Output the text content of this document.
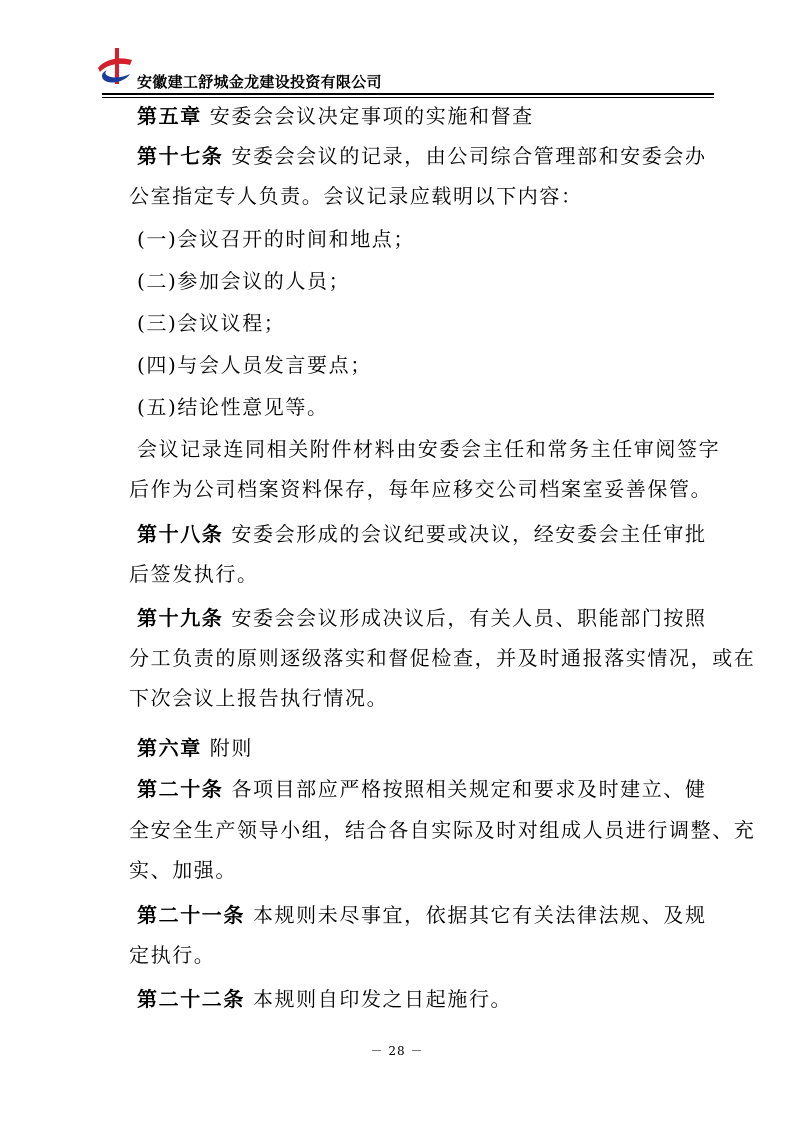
安徽建工舒城金龙建设投资有限公司
第五章 安委会会议决定事项的实施和督查
第十七条 安委会会议的记录，由公司综合管理部和安委会办
公室指定专人负责。会议记录应载明以下内容：
(一)会议召开的时间和地点；
(二)参加会议的人员；
(三)会议议程；
(四)与会人员发言要点；
(五)结论性意见等。
会议记录连同相关附件材料由安委会主任和常务主任审阅签字
后作为公司档案资料保存，每年应移交公司档案室妥善保管。
第十八条 安委会形成的会议纪要或决议，经安委会主任审批
后签发执行。
第十九条 安委会会议形成决议后，有关人员、职能部门按照
分工负责的原则逐级落实和督促检查，并及时通报落实情况，或在
下次会议上报告执行情况。
第六章 附则
第二十条 各项目部应严格按照相关规定和要求及时建立、健
全安全生产领导小组，结合各自实际及时对组成人员进行调整、充
实、加强。
第二十一条 本规则未尽事宜，依据其它有关法律法规、及规
定执行。
第二十二条 本规则自印发之日起施行。
－ 28 －
